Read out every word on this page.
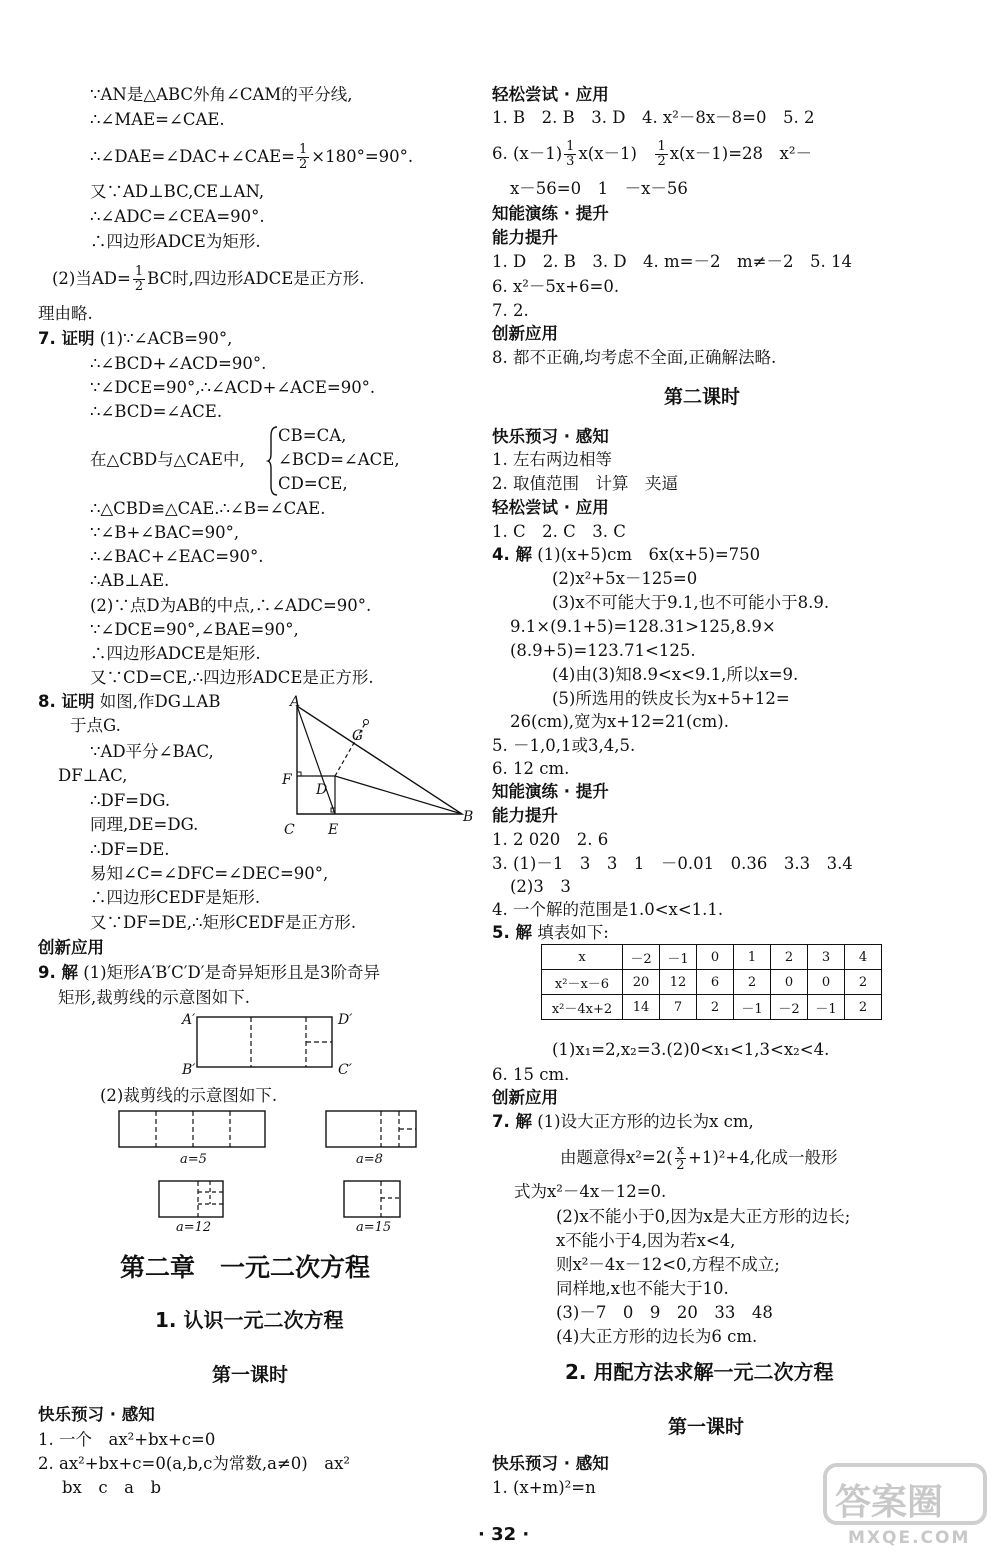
∵AN是△ABC外角∠CAM的平分线,
∴∠MAE=∠CAE.
∴∠DAE=∠DAC+∠CAE= $\frac{1}{2} \times 180^\circ=90^\circ$.
又∵AD⊥BC,CE⊥AN,
∴∠ADC=∠CEA=90°.
∴四边形ADCE为矩形.
(2)当$AD= \frac{1}{2}$ BC时,四边形ADCE是正方形.
理由略.
7. 证明 (1)∵∠ACB=90°,
∴∠BCD+∠ACD=90°.
∵∠DCE=90°,∴∠ACD+∠ACE=90°.
∴∠BCD=∠ACE.
CB=CA,
在△CBD与△CAE中, ∠BCD=∠ACE,
CD=CE,
∴△CBD≌△CAE.∴∠B=∠CAE.
∵∠B+∠BAC=90°,
∴∠BAC+∠EAC=90°.
∴AB⊥AE.
(2)∵点D为AB的中点,∴∠ADC=90°.
∵∠DCE=90°,∠BAE=90°,
∴四边形ADCE是矩形.
又∵CD=CE,∴四边形ADCE是正方形.
8. 证明 如图,作DG⊥AB
于点G.
∵AD平分∠BAC,
DF⊥AC,
∴DF=DG.
同理,DE=DG.
∴DF=DE.
易知∠C=∠DFC=∠DEC=90°,
∴四边形CEDF是矩形.
又∵DF=DE,∴矩形CEDF是正方形.
A
G
F
D
C E
B
创新应用
9. 解 (1)矩形A′B′C′D′是奇异矩形且是3阶奇异
矩形,裁剪线的示意图如下.
A′	D′
B′	C′
(2)裁剪线的示意图如下.
a=5	a=8
a=12	a=15
第二章　一元二次方程
1. 认识一元二次方程
第一课时
快乐预习 · 感知
1. 一个　ax²+bx+c=0
2. ax²+bx+c=0(a,b,c为常数,a≠0)　ax²
bx　c　a　b
轻松尝试 · 应用
1. B　2. B　3. D　4. x²－8x－8=0　5. 2
6. $(x-1) \frac{1}{3} x(x-1)$　 $\frac{1}{2} x(x-1)=28$　x²－
x－56=0　1　－x－56
知能演练 · 提升
能力提升
1. D　2. B　3. D　4. m=－2　m≠－2　5. 14
6. x²－5x+6=0.
7. 2.
创新应用
8. 都不正确,均考虑不全面,正确解法略.
第二课时
快乐预习 · 感知
1. 左右两边相等
2. 取值范围　计算　夹逼
轻松尝试 · 应用
1. C　2. C　3. C
4. 解 (1)(x+5)cm　6x(x+5)=750
(2)x²+5x－125=0
(3)x不可能大于9.1,也不可能小于8.9.
9.1×(9.1+5)=128.31>125,8.9×
(8.9+5)=123.71<125.
(4)由(3)知8.9<x<9.1,所以x=9.
(5)所选用的铁皮长为x+5+12=
26(cm),宽为x+12=21(cm).
5. －1,0,1或3,4,5.
6. 12 cm.
知能演练 · 提升
能力提升
1. 2 020　2. 6
3. (1)－1　3　3　1　－0.01　0.36　3.3　3.4
(2)3　3
4. 一个解的范围是1.0<x<1.1.
5. 解 填表如下:
x	－2	－1	0	1	2	3	4
x²－x－6	20	12	6	2	0	0	2
x²－4x+2	14	7	2	－1	－2	－1	2
(1)x₁=2,x₂=3.(2)0<x₁<1,3<x₂<4.
6. 15 cm.
创新应用
7. 解 (1)设大正方形的边长为x cm,
由题意得$x^2=2( \frac{x}{2} +1)^2+4$,化成一般形
式为x²－4x－12=0.
(2)x不能小于0,因为x是大正方形的边长;
x不能小于4,因为若x<4,
则x²－4x－12<0,方程不成立;
同样地,x也不能大于10.
(3)－7　0　9　20　33　48
(4)大正方形的边长为6 cm.
2. 用配方法求解一元二次方程
第一课时
快乐预习 · 感知
1. (x+m)²=n
· 32 ·
答案圈
MXQE.COM
